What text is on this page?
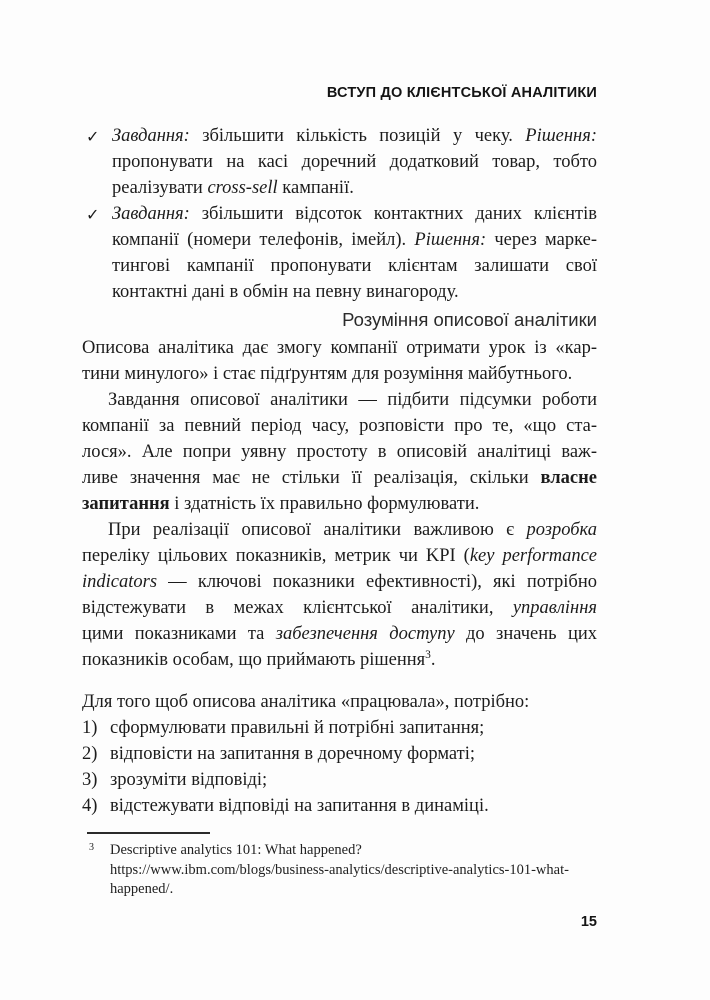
ВСТУП ДО КЛІЄНТСЬКОЇ АНАЛІТИКИ
✓ Завдання: збільшити кількість позицій у чеку. Рішення:
пропонувати на касі доречний додатковий товар, тобто
реалізувати cross-sell кампанії.
✓ Завдання: збільшити відсоток контактних даних клієнтів
компанії (номери телефонів, імейл). Рішення: через марке-
тингові кампанії пропонувати клієнтам залишати свої
контактні дані в обмін на певну винагороду.
Розуміння описової аналітики
Описова аналітика дає змогу компанії отримати урок із «кар-
тини минулого» і стає підґрунтям для розуміння майбутнього.
Завдання описової аналітики — підбити підсумки роботи
компанії за певний період часу, розповісти про те, «що ста-
лося». Але попри уявну простоту в описовій аналітиці важ-
ливе значення має не стільки її реалізація, скільки власне
запитання і здатність їх правильно формулювати.
При реалізації описової аналітики важливою є розробка
переліку цільових показників, метрик чи KPI (key performance
indicators — ключові показники ефективності), які потрібно
відстежувати в межах клієнтської аналітики, управління
цими показниками та забезпечення доступу до значень цих
показників особам, що приймають рішення$^3$.
Для того щоб описова аналітика «працювала», потрібно:
1) сформулювати правильні й потрібні запитання;
2) відповісти на запитання в доречному форматі;
3) зрозуміти відповіді;
4) відстежувати відповіді на запитання в динаміці.
3 Descriptive analytics 101: What happened?
https://www.ibm.com/blogs/business-analytics/descriptive-analytics-101-what-
happened/.
15
